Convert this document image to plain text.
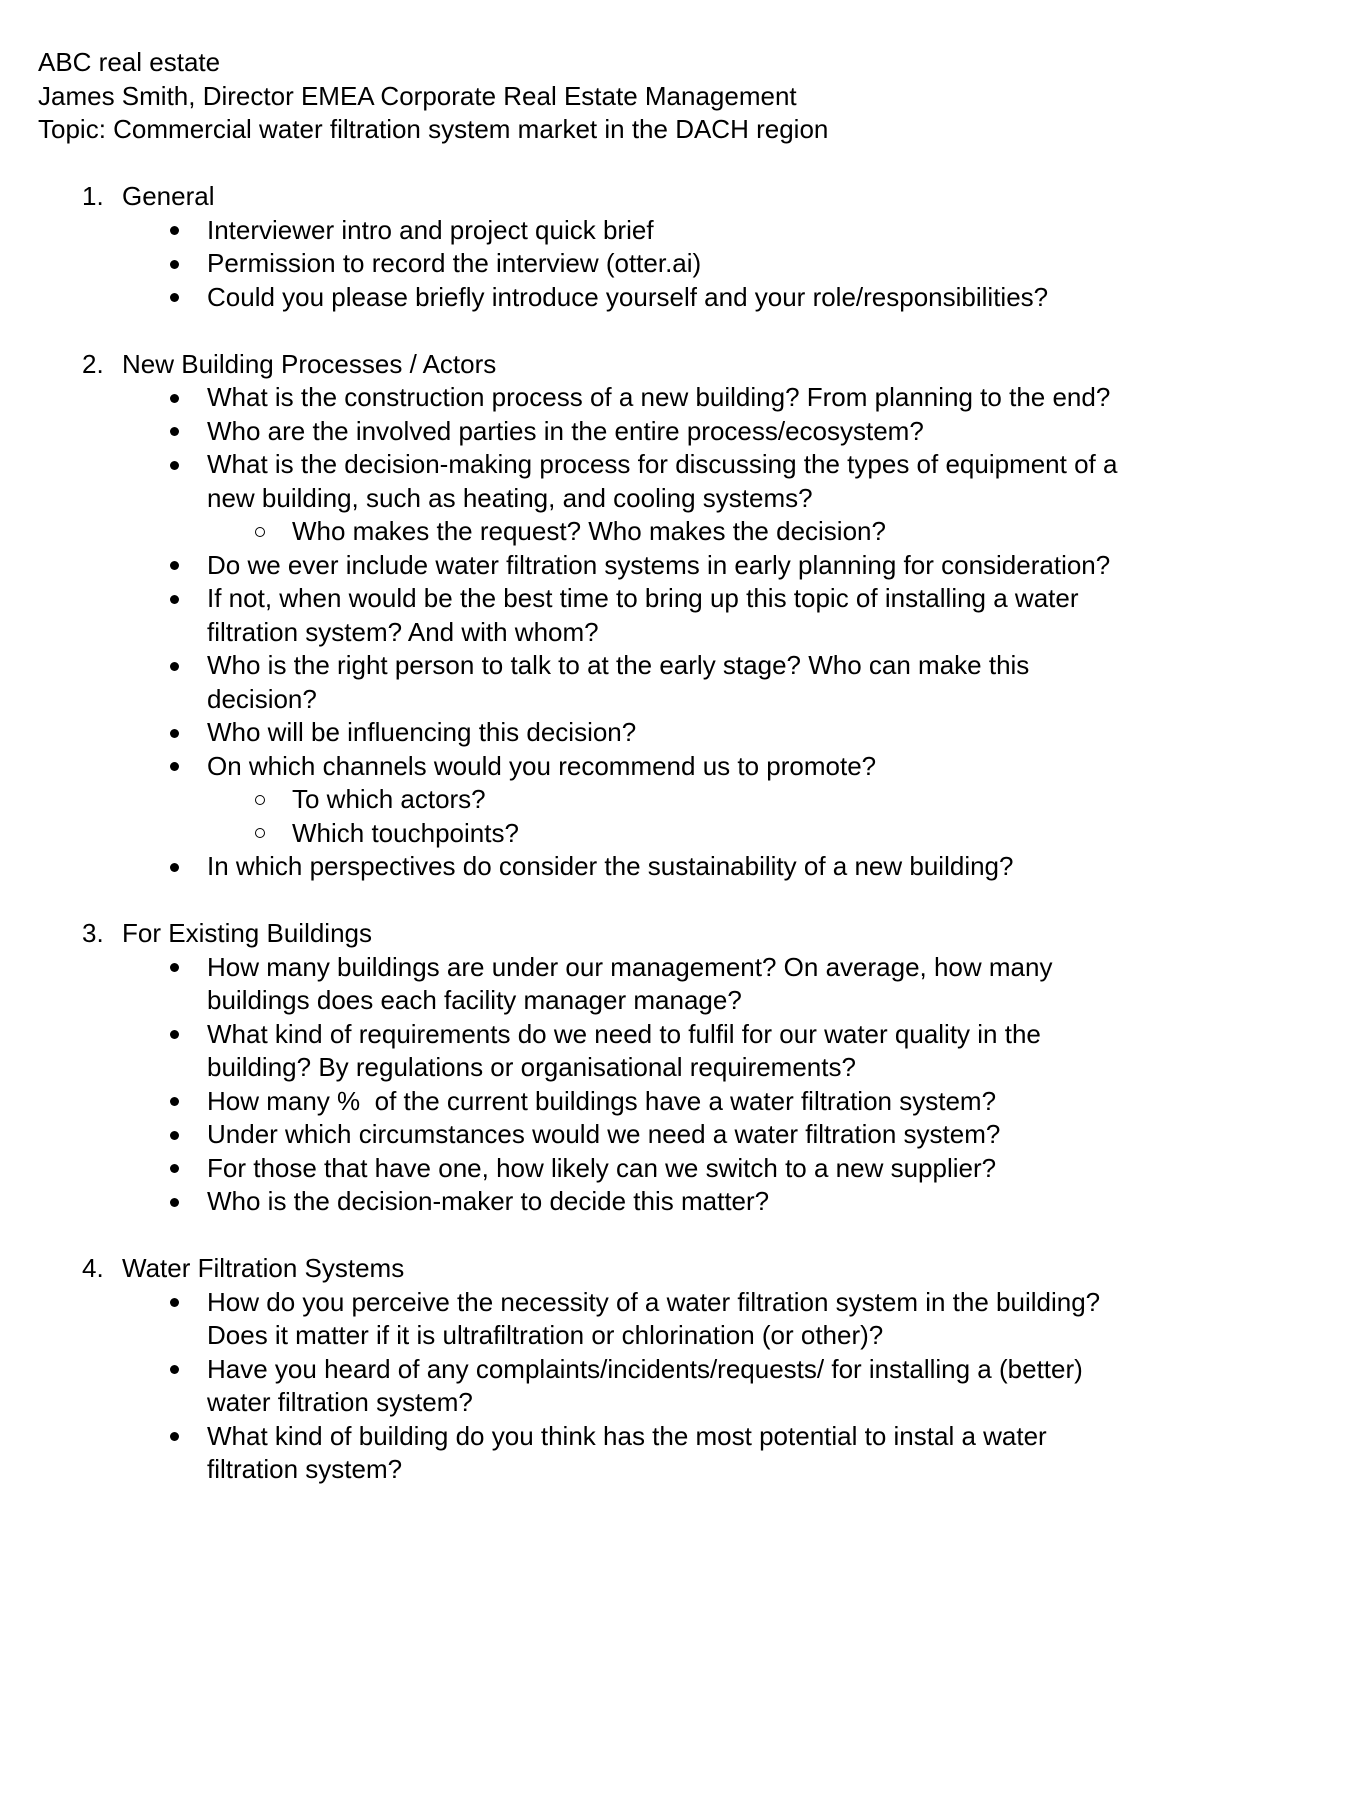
ABC real estate

James Smith, Director EMEA Corporate Real Estate Management

Topic: Commercial water filtration system market in the DACH region

1. General
Interviewer intro and project quick brief
Permission to record the interview (otter.ai)
Could you please briefly introduce yourself and your role/responsibilities?
2. New Building Processes / Actors
What is the construction process of a new building? From planning to the end?
Who are the involved parties in the entire process/ecosystem?
What is the decision-making process for discussing the types of equipment of a new building, such as heating, and cooling systems?
Who makes the request? Who makes the decision?
Do we ever include water filtration systems in early planning for consideration?
If not, when would be the best time to bring up this topic of installing a water filtration system? And with whom?
Who is the right person to talk to at the early stage? Who can make this decision?
Who will be influencing this decision?
On which channels would you recommend us to promote?
To which actors?
Which touchpoints?
In which perspectives do consider the sustainability of a new building?
3. For Existing Buildings
How many buildings are under our management? On average, how many buildings does each facility manager manage?
What kind of requirements do we need to fulfil for our water quality in the building? By regulations or organisational requirements?
How many %  of the current buildings have a water filtration system?
Under which circumstances would we need a water filtration system?
For those that have one, how likely can we switch to a new supplier?
Who is the decision-maker to decide this matter?
4. Water Filtration Systems
How do you perceive the necessity of a water filtration system in the building? Does it matter if it is ultrafiltration or chlorination (or other)?
Have you heard of any complaints/incidents/requests/ for installing a (better) water filtration system?
What kind of building do you think has the most potential to instal a water filtration system?
